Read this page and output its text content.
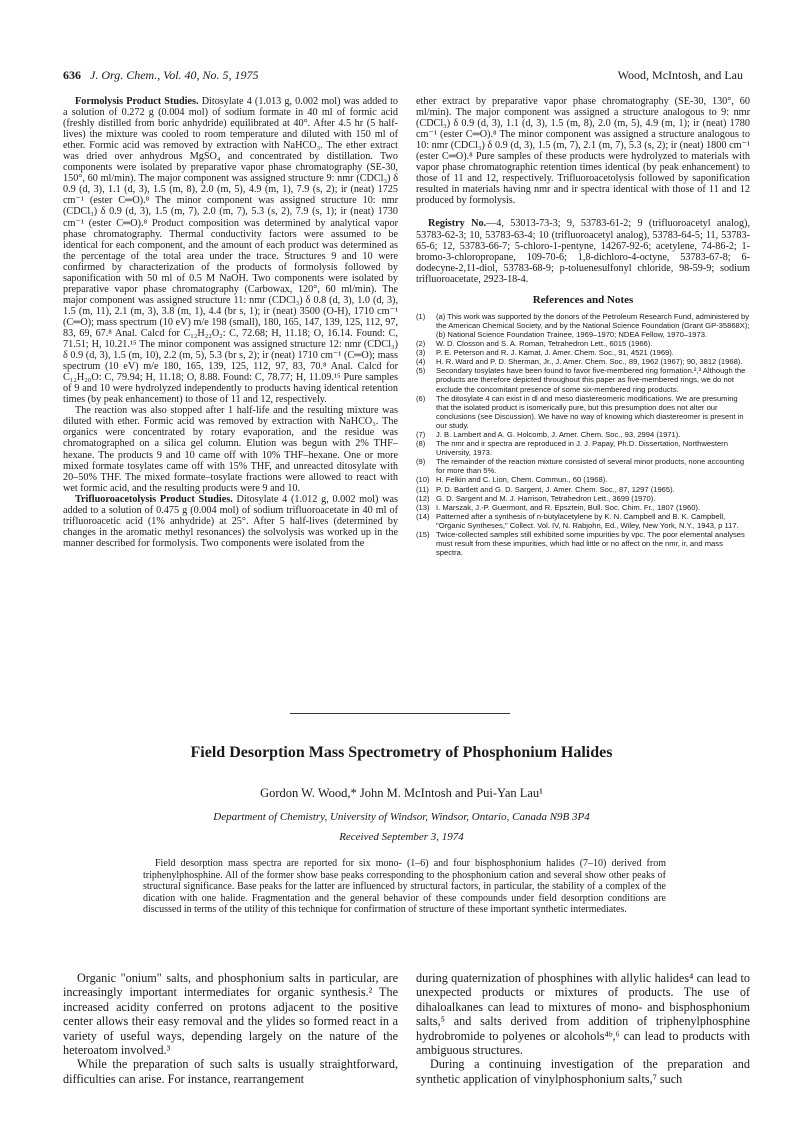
636 J. Org. Chem., Vol. 40, No. 5, 1975	Wood, McIntosh, and Lau

Formolysis Product Studies. Ditosylate 4 (1.013 g, 0.002 mol) was added to a solution of 0.272 g (0.004 mol) of sodium formate in 40 ml of formic acid (freshly distilled from boric anhydride) equilibrated at 40°. After 4.5 hr (5 half-lives) the mixture was cooled to room temperature and diluted with 150 ml of ether. Formic acid was removed by extraction with NaHCO₃. The ether extract was dried over anhydrous MgSO₄ and concentrated by distillation. Two components were isolated by preparative vapor phase chromatography (SE-30, 150°, 60 ml/min). The major component was assigned structure 9: nmr (CDCl₃) δ 0.9 (d, 3), 1.1 (d, 3), 1.5 (m, 8), 2.0 (m, 5), 4.9 (m, 1), 7.9 (s, 2); ir (neat) 1725 cm⁻¹ (ester C═O).⁸ The minor component was assigned structure 10: nmr (CDCl₃) δ 0.9 (d, 3), 1.5 (m, 7), 2.0 (m, 7), 5.3 (s, 2), 7.9 (s, 1); ir (neat) 1730 cm⁻¹ (ester C═O).⁸ Product composition was determined by analytical vapor phase chromatography. Thermal conductivity factors were assumed to be identical for each component, and the amount of each product was determined as the percentage of the total area under the trace. Structures 9 and 10 were confirmed by characterization of the products of formolysis followed by saponification with 50 ml of 0.5 M NaOH. Two components were isolated by preparative vapor phase chromatography (Carbowax, 120°, 60 ml/min). The major component was assigned structure 11: nmr (CDCl₃) δ 0.8 (d, 3), 1.0 (d, 3), 1.5 (m, 11), 2.1 (m, 3), 3.8 (m, 1), 4.4 (br s, 1); ir (neat) 3500 (O-H), 1710 cm⁻¹ (C═O); mass spectrum (10 eV) m/e 198 (small), 180, 165, 147, 139, 125, 112, 97, 83, 69, 67.⁸ Anal. Calcd for C₁₂H₂₂O₂: C, 72.68; H, 11.18; O, 16.14. Found: C, 71.51; H, 10.21.¹⁵ The minor component was assigned structure 12: nmr (CDCl₃) δ 0.9 (d, 3), 1.5 (m, 10), 2.2 (m, 5), 5.3 (br s, 2); ir (neat) 1710 cm⁻¹ (C═O); mass spectrum (10 eV) m/e 180, 165, 139, 125, 112, 97, 83, 70.⁸ Anal. Calcd for C₁₂H₂₀O: C, 79.94; H, 11.18; O, 8.88. Found: C, 78.77; H, 11.09.¹⁵ Pure samples of 9 and 10 were hydrolyzed independently to products having identical retention times (by peak enhancement) to those of 11 and 12, respectively.

The reaction was also stopped after 1 half-life and the resulting mixture was diluted with ether. Formic acid was removed by extraction with NaHCO₃. The organics were concentrated by rotary evaporation, and the residue was chromatographed on a silica gel column. Elution was begun with 2% THF–hexane. The products 9 and 10 came off with 10% THF–hexane. One or more mixed formate tosylates came off with 15% THF, and unreacted ditosylate with 20–50% THF. The mixed formate–tosylate fractions were allowed to react with wet formic acid, and the resulting products were 9 and 10.

Trifluoroacetolysis Product Studies. Ditosylate 4 (1.012 g, 0.002 mol) was added to a solution of 0.475 g (0.004 mol) of sodium trifluoroacetate in 40 ml of trifluoroacetic acid (1% anhydride) at 25°. After 5 half-lives (determined by changes in the aromatic methyl resonances) the solvolysis was worked up in the manner described for formolysis. Two components were isolated from the

ether extract by preparative vapor phase chromatography (SE-30, 130°, 60 ml/min). The major component was assigned a structure analogous to 9: nmr (CDCl₃) δ 0.9 (d, 3), 1.1 (d, 3), 1.5 (m, 8), 2.0 (m, 5), 4.9 (m, 1); ir (neat) 1780 cm⁻¹ (ester C═O).⁸ The minor component was assigned a structure analogous to 10: nmr (CDCl₃) δ 0.9 (d, 3), 1.5 (m, 7), 2.1 (m, 7), 5.3 (s, 2); ir (neat) 1800 cm⁻¹ (ester C═O).⁸ Pure samples of these products were hydrolyzed to materials with vapor phase chromatographic retention times identical (by peak enhancement) to those of 11 and 12, respectively. Trifluoroacetolysis followed by saponification resulted in materials having nmr and ir spectra identical with those of 11 and 12 produced by formolysis.

Registry No.—4, 53013-73-3; 9, 53783-61-2; 9 (trifluoroacetyl analog), 53783-62-3; 10, 53783-63-4; 10 (trifluoroacetyl analog), 53783-64-5; 11, 53783-65-6; 12, 53783-66-7; 5-chloro-1-pentyne, 14267-92-6; acetylene, 74-86-2; 1-bromo-3-chloropropane, 109-70-6; 1,8-dichloro-4-octyne, 53783-67-8; 6-dodecyne-2,11-diol, 53783-68-9; p-toluenesulfonyl chloride, 98-59-9; sodium trifluoroacetate, 2923-18-4.

References and Notes
(1) (a) This work was supported by the donors of the Petroleum Research Fund, administered by the American Chemical Society, and by the National Science Foundation (Grant GP-35868X); (b) National Science Foundation Trainee, 1969–1970; NDEA Fellow, 1970–1973.
(2) W. D. Closson and S. A. Roman, Tetrahedron Lett., 6015 (1966).
(3) P. E. Peterson and R. J. Kamat, J. Amer. Chem. Soc., 91, 4521 (1969).
(4) H. R. Ward and P. D. Sherman, Jr., J. Amer. Chem. Soc., 89, 1962 (1967); 90, 3812 (1968).
(5) Secondary tosylates have been found to favor five-membered ring formation.²,³ Although the products are therefore depicted throughout this paper as five-membered rings, we do not exclude the concomitant presence of some six-membered ring products.
(6) The ditosylate 4 can exist in dl and meso diastereomeric modifications. We are presuming that the isolated product is isomerically pure, but this presumption does not alter our conclusions (see Discussion). We have no way of knowing which diastereomer is present in our study.
(7) J. B. Lambert and A. G. Holcomb, J. Amer. Chem. Soc., 93, 2994 (1971).
(8) The nmr and ir spectra are reproduced in J. J. Papay, Ph.D. Dissertation, Northwestern University, 1973.
(9) The remainder of the reaction mixture consisted of several minor products, none accounting for more than 5%.
(10) H. Felkin and C. Lion, Chem. Commun., 60 (1968).
(11) P. D. Bartlett and G. D. Sargent, J. Amer. Chem. Soc., 87, 1297 (1965).
(12) G. D. Sargent and M. J. Harrison, Tetrahedron Lett., 3699 (1970).
(13) I. Marszak, J.-P. Guermont, and R. Epsztein, Bull. Soc. Chim. Fr., 1807 (1960).
(14) Patterned after a synthesis of n-butylacetylene by K. N. Campbell and B. K. Campbell, "Organic Syntheses," Collect. Vol. IV, N. Rabjohn, Ed., Wiley, New York, N.Y., 1943, p 117.
(15) Twice-collected samples still exhibited some impurities by vpc. The poor elemental analyses must result from these impurities, which had little or no affect on the nmr, ir, and mass spectra.
Field Desorption Mass Spectrometry of Phosphonium Halides
Gordon W. Wood,* John M. McIntosh and Pui-Yan Lau¹
Department of Chemistry, University of Windsor, Windsor, Ontario, Canada N9B 3P4
Received September 3, 1974

Field desorption mass spectra are reported for six mono- (1–6) and four bisphosphonium halides (7–10) derived from triphenylphosphine. All of the former show base peaks corresponding to the phosphonium cation and several show other peaks of structural significance. Base peaks for the latter are influenced by structural factors, in particular, the stability of a complex of the dication with one halide. Fragmentation and the general behavior of these compounds under field desorption conditions are discussed in terms of the utility of this technique for confirmation of structure of these important synthetic intermediates.

Organic "onium" salts, and phosphonium salts in particular, are increasingly important intermediates for organic synthesis.² The increased acidity conferred on protons adjacent to the positive center allows their easy removal and the ylides so formed react in a variety of useful ways, depending largely on the nature of the heteroatom involved.³

While the preparation of such salts is usually straightforward, difficulties can arise. For instance, rearrangement

during quaternization of phosphines with allylic halides⁴ can lead to unexpected products or mixtures of products. The use of dihaloalkanes can lead to mixtures of mono- and bisphosphonium salts,⁵ and salts derived from addition of triphenylphosphine hydrobromide to polyenes or alcohols⁴ᵇ,⁶ can lead to products with ambiguous structures.

During a continuing investigation of the preparation and synthetic application of vinylphosphonium salts,⁷ such
